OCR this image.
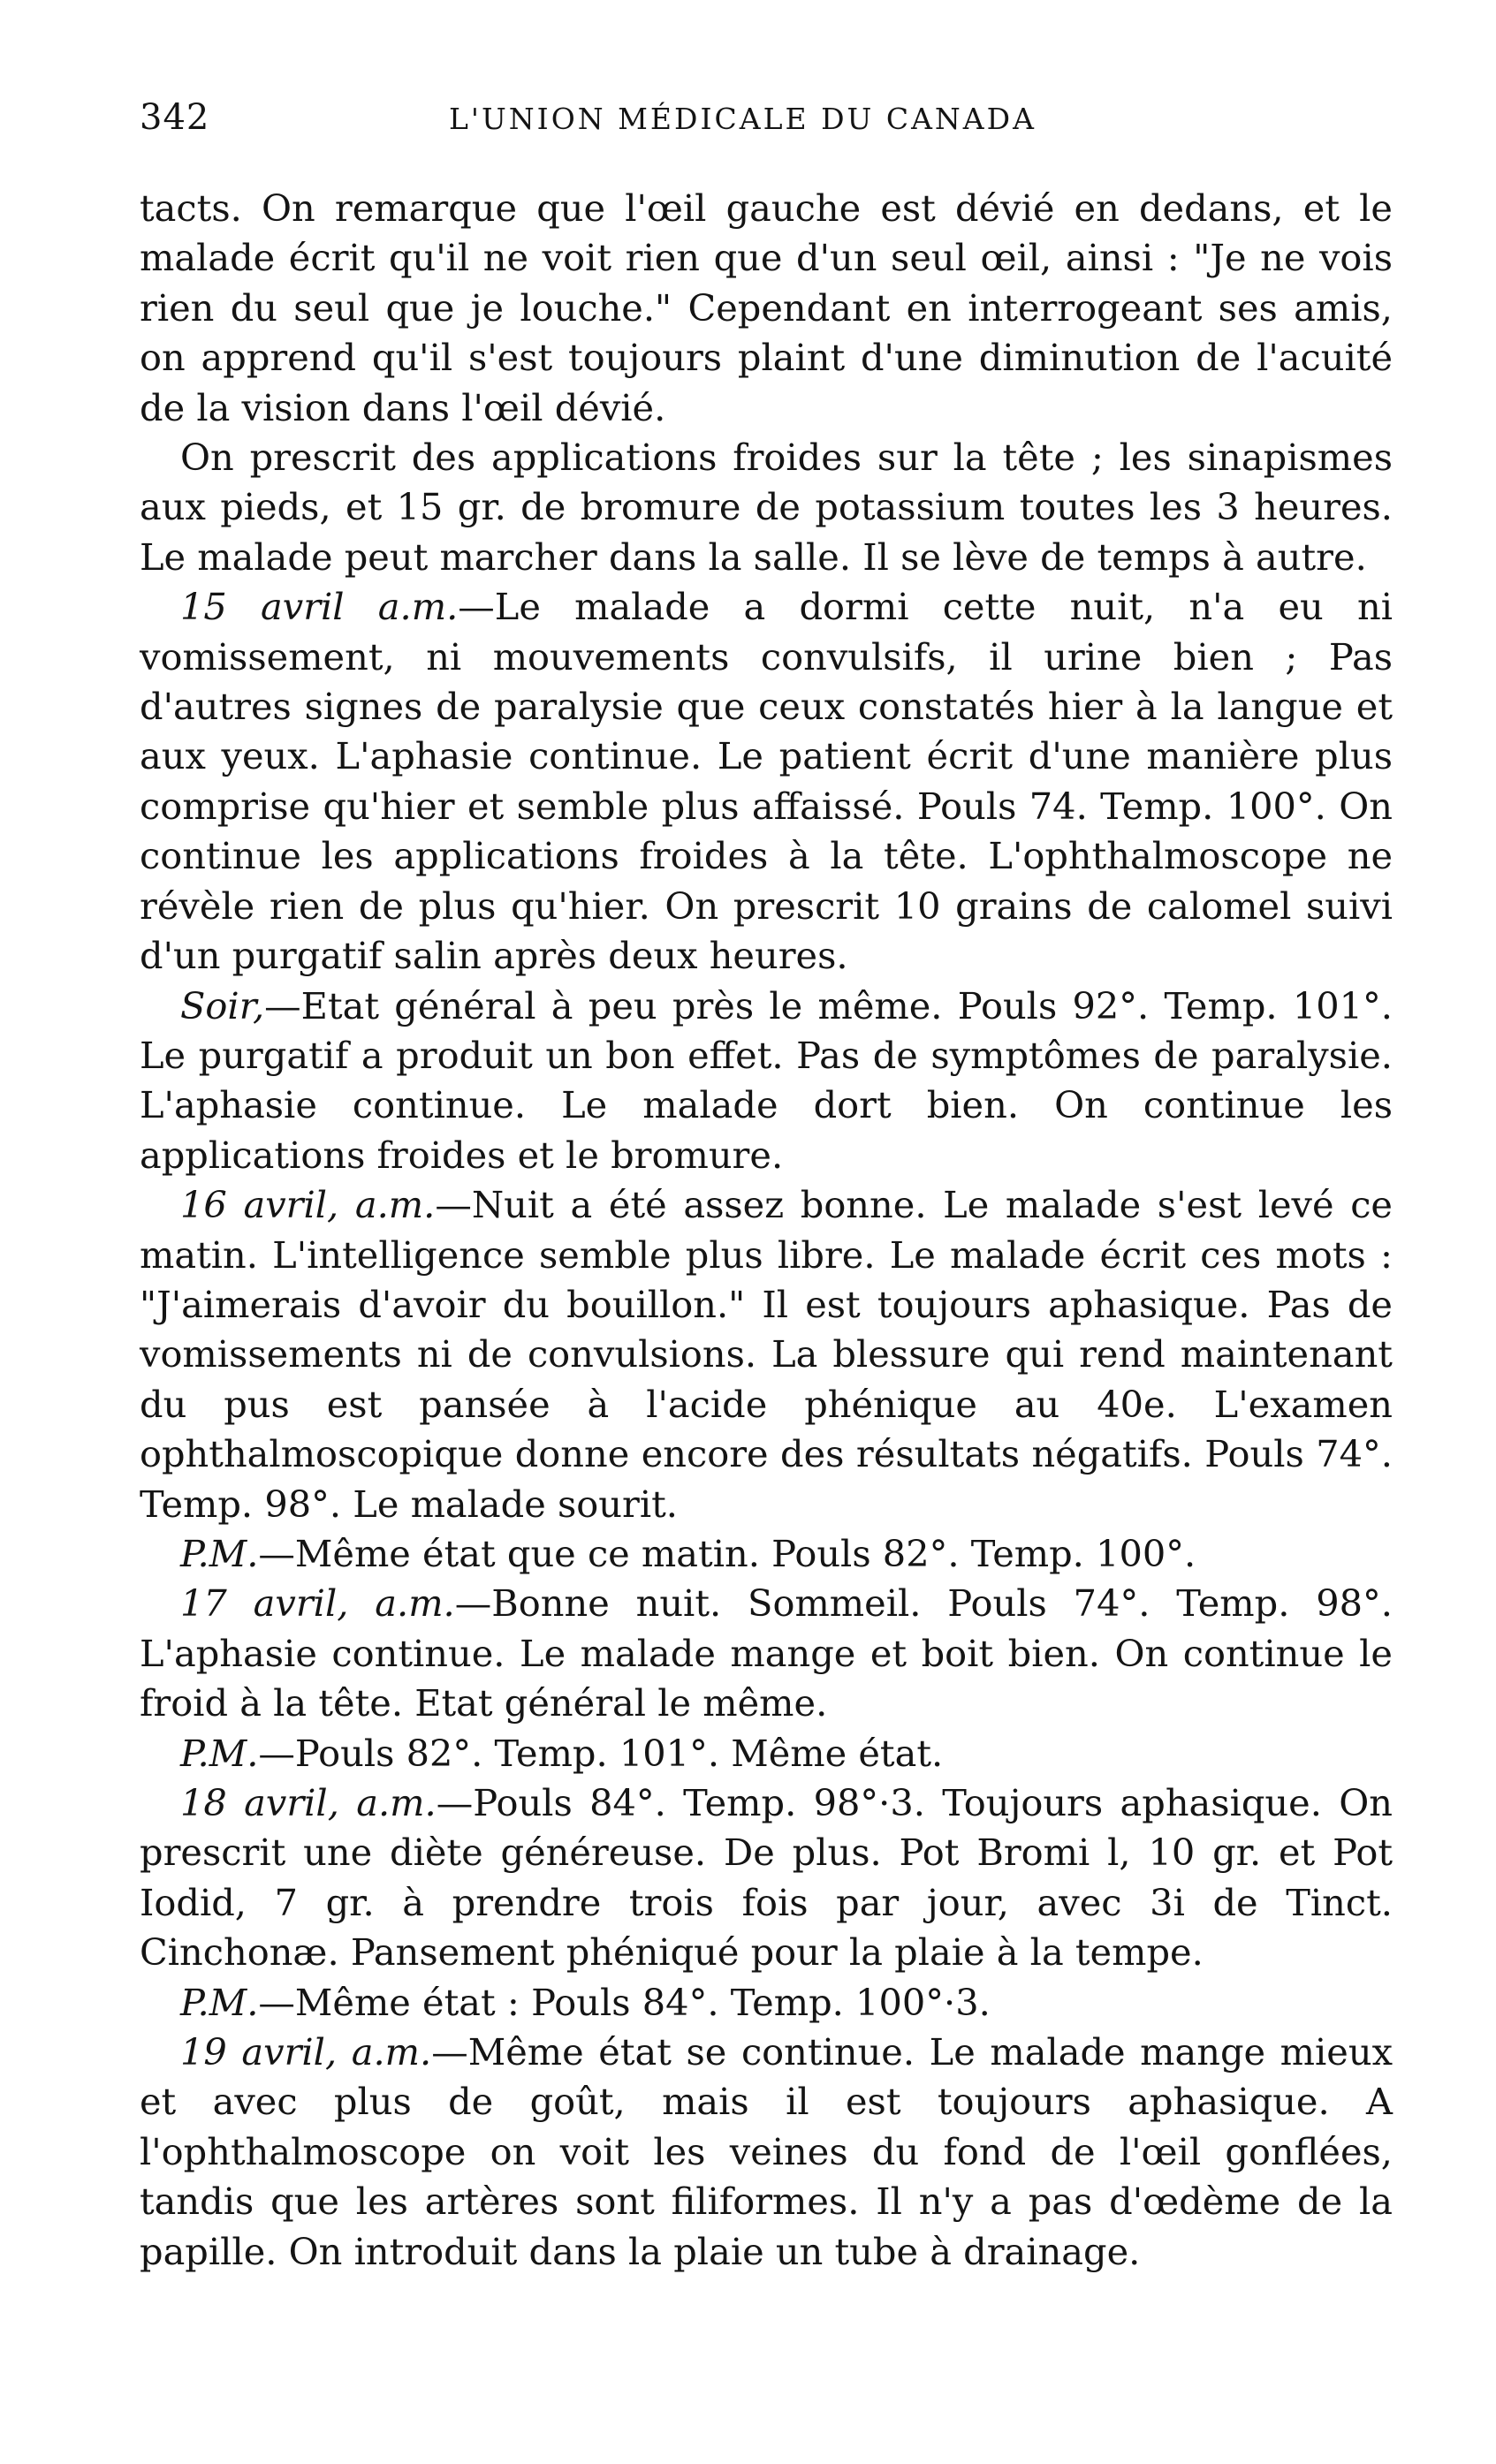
342	L'UNION MÉDICALE DU CANADA

tacts. On remarque que l'œil gauche est dévié en dedans, et le malade écrit qu'il ne voit rien que d'un seul œil, ainsi : "Je ne vois rien du seul que je louche." Cependant en interrogeant ses amis, on apprend qu'il s'est toujours plaint d'une diminution de l'acuité de la vision dans l'œil dévié.

On prescrit des applications froides sur la tête ; les sinapismes aux pieds, et 15 gr. de bromure de potassium toutes les 3 heures. Le malade peut marcher dans la salle. Il se lève de temps à autre.

15 avril a.m.—Le malade a dormi cette nuit, n'a eu ni vomissement, ni mouvements convulsifs, il urine bien ; Pas d'autres signes de paralysie que ceux constatés hier à la langue et aux yeux. L'aphasie continue. Le patient écrit d'une manière plus comprise qu'hier et semble plus affaissé. Pouls 74. Temp. 100°. On continue les applications froides à la tête. L'ophthalmoscope ne révèle rien de plus qu'hier. On prescrit 10 grains de calomel suivi d'un purgatif salin après deux heures.

Soir,—Etat général à peu près le même. Pouls 92°. Temp. 101°. Le purgatif a produit un bon effet. Pas de symptômes de paralysie. L'aphasie continue. Le malade dort bien. On continue les applications froides et le bromure.

16 avril, a.m.—Nuit a été assez bonne. Le malade s'est levé ce matin. L'intelligence semble plus libre. Le malade écrit ces mots : "J'aimerais d'avoir du bouillon." Il est toujours aphasique. Pas de vomissements ni de convulsions. La blessure qui rend maintenant du pus est pansée à l'acide phénique au 40e. L'examen ophthalmoscopique donne encore des résultats négatifs. Pouls 74°. Temp. 98°. Le malade sourit.

P.M.—Même état que ce matin. Pouls 82°. Temp. 100°.

17 avril, a.m.—Bonne nuit. Sommeil. Pouls 74°. Temp. 98°. L'aphasie continue. Le malade mange et boit bien. On continue le froid à la tête. Etat général le même.

P.M.—Pouls 82°. Temp. 101°. Même état.

18 avril, a.m.—Pouls 84°. Temp. 98°·3. Toujours aphasique. On prescrit une diète généreuse. De plus. Pot Bromi l, 10 gr. et Pot Iodid, 7 gr. à prendre trois fois par jour, avec 3i de Tinct. Cinchonæ. Pansement phéniqué pour la plaie à la tempe.

P.M.—Même état : Pouls 84°. Temp. 100°·3.

19 avril, a.m.—Même état se continue. Le malade mange mieux et avec plus de goût, mais il est toujours aphasique. A l'ophthalmoscope on voit les veines du fond de l'œil gonflées, tandis que les artères sont filiformes. Il n'y a pas d'œdème de la papille. On introduit dans la plaie un tube à drainage.
